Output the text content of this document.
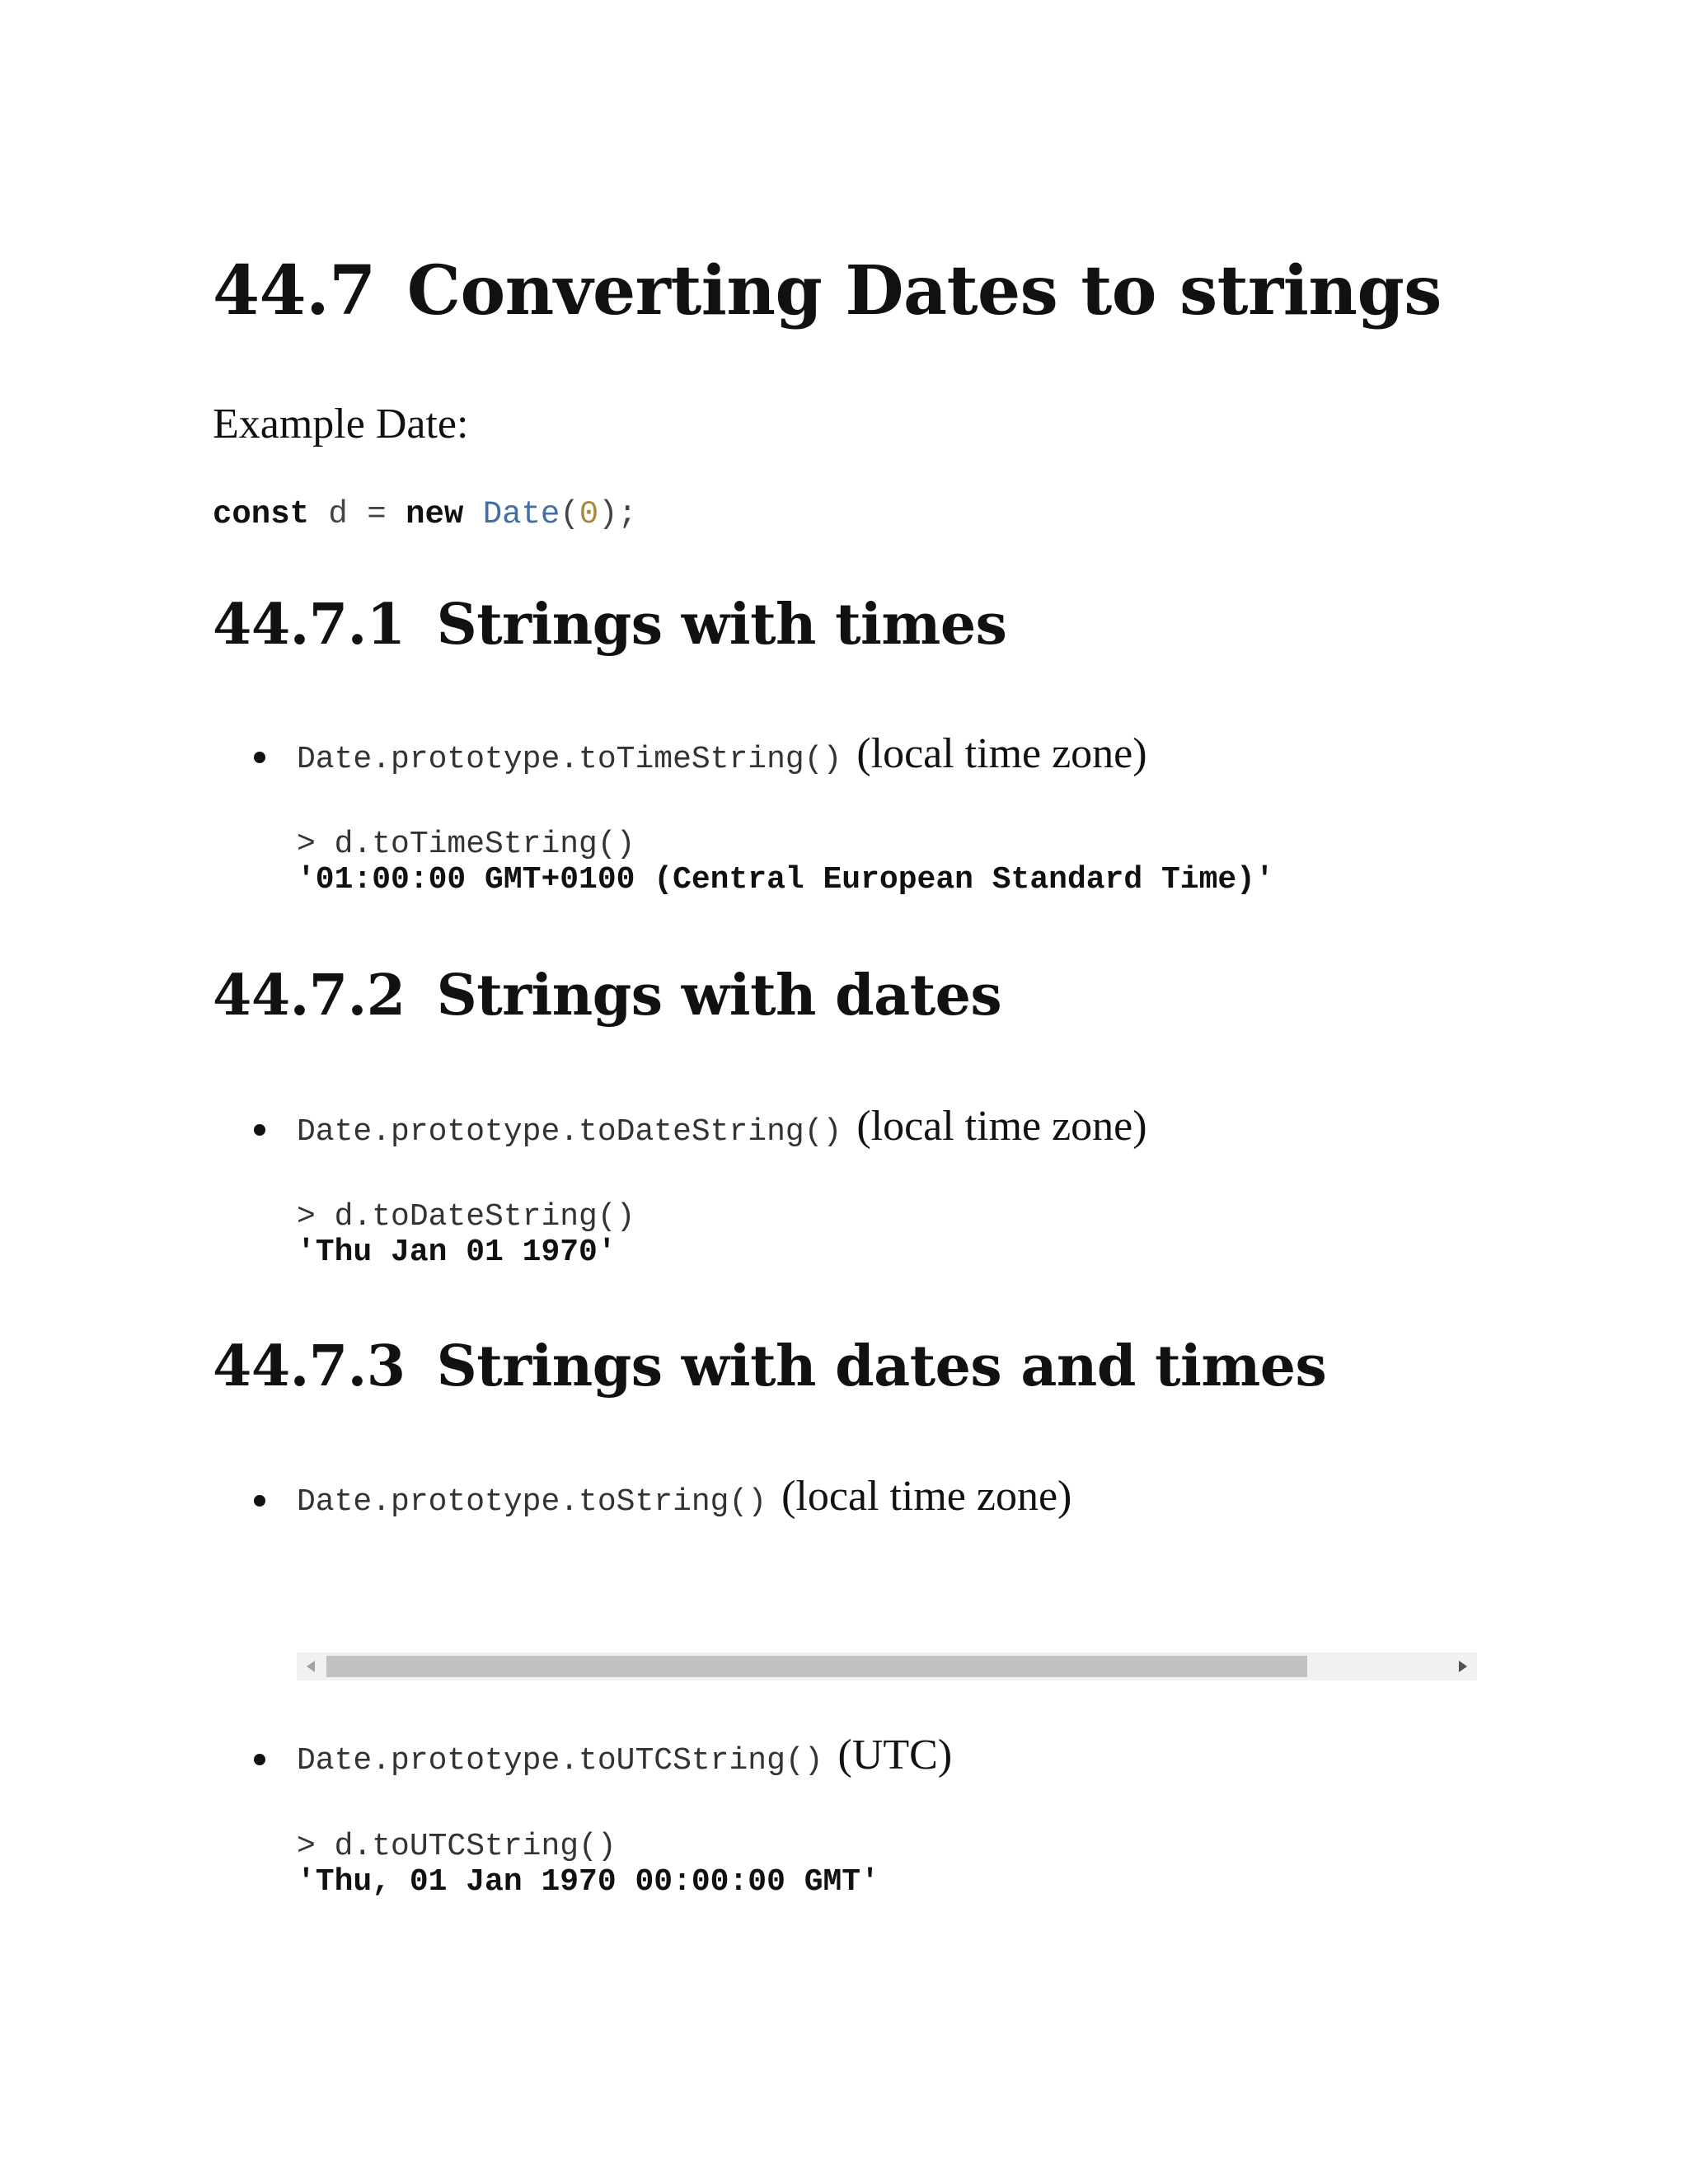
44.7 Converting Dates to strings

Example Date:

const d = new Date(0);
44.7.1 Strings with times
Date.prototype.toTimeString() (local time zone)
> d.toTimeString()
'01:00:00 GMT+0100 (Central European Standard Time)'
44.7.2 Strings with dates
Date.prototype.toDateString() (local time zone)
> d.toDateString()
'Thu Jan 01 1970'
44.7.3 Strings with dates and times
Date.prototype.toString() (local time zone)
Date.prototype.toUTCString() (UTC)
> d.toUTCString()
'Thu, 01 Jan 1970 00:00:00 GMT'
